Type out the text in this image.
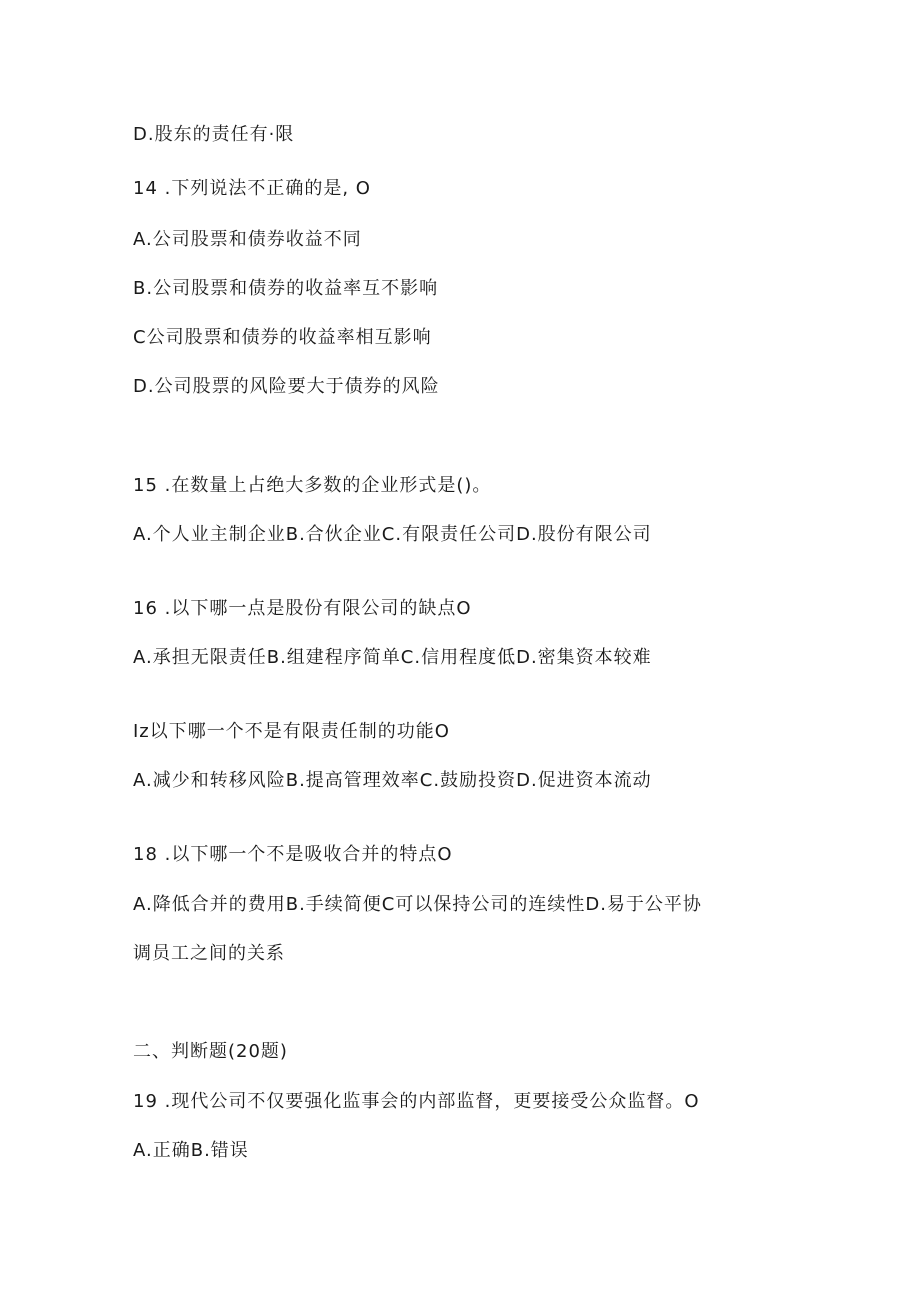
D.股东的责任有·限
14 .下列说法不正确的是, O
A.公司股票和债券收益不同
B.公司股票和债券的收益率互不影响
C公司股票和债券的收益率相互影响
D.公司股票的风险要大于债券的风险
15 .在数量上占绝大多数的企业形式是()。
A.个人业主制企业B.合伙企业C.有限责任公司D.股份有限公司
16 .以下哪一点是股份有限公司的缺点O
A.承担无限责任B.组建程序简单C.信用程度低D.密集资本较难
Iz以下哪一个不是有限责任制的功能O
A.减少和转移风险B.提高管理效率C.鼓励投资D.促进资本流动
18 .以下哪一个不是吸收合并的特点O
A.降低合并的费用B.手续简便C可以保持公司的连续性D.易于公平协
调员工之间的关系
二、判断题(20题)
19 .现代公司不仅要强化监事会的内部监督，更要接受公众监督。O
A.正确B.错误
